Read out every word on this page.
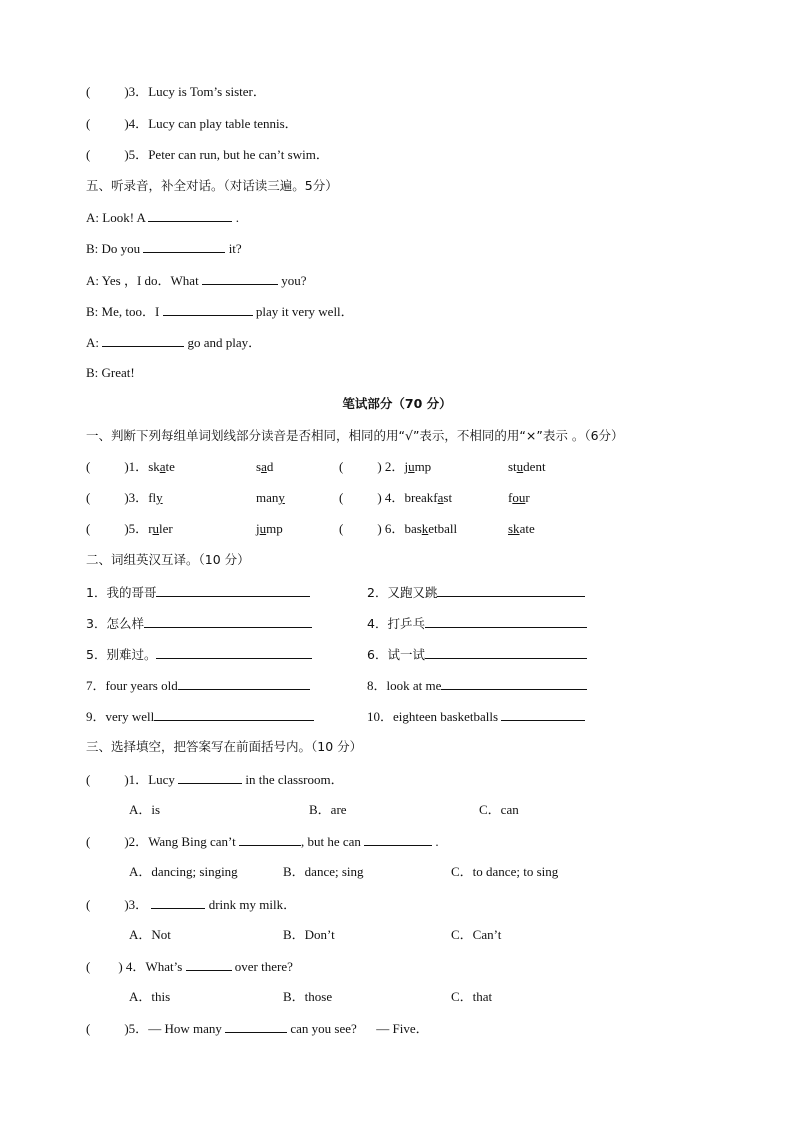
(	)3．Lucy is Tom’s sister．
(	)4．Lucy can play table tennis．
(	)5．Peter can run, but he can’t swim．
五、听录音，补全对话。（对话读三遍。5分）
A: Look! A	.
B: Do you	it?
A: Yes ，I do．What	you?
B: Me, too．I	play it very well．
A:	go and play．
B: Great!
笔试部分（70 分）
一、判断下列每组单词划线部分读音是否相同，相同的用“√”表示，不相同的用“×”表示 。（6分）
(	)1．skate	sad	(	) 2．jump	student
(	)3．fly	many	(	) 4．breakfast	four
(	)5．ruler	jump	(	) 6．basketball	skate
二、词组英汉互译。（10 分）
1．我的哥哥	2．又跑又跳
3．怎么样	4．打乒乓
5．别难过。	6．试一试
7．four years old	8．look at me
9．very well	10．eighteen basketballs
三、选择填空，把答案写在前面括号内。（10 分）
(	)1．Lucy	in the classroom．
A．is	B．are	C．can
(	)2．Wang Bing can’t	, but he can	.
A．dancing; singing	B．dance; sing	C．to dance; to sing
(	)3．	drink my milk．
A．Not	B．Don’t	C．Can’t
( ) 4．What’s	over there?
A．this	B．those	C．that
(	)5．— How many	can you see?      — Five．
